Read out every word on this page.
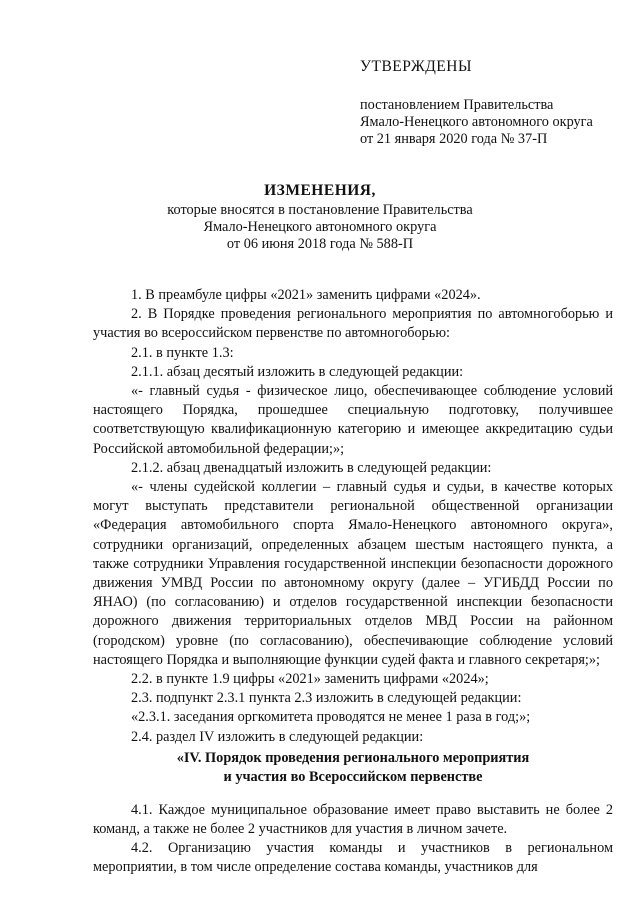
УТВЕРЖДЕНЫ
постановлением Правительства
Ямало-Ненецкого автономного округа
от 21 января 2020 года № 37-П
ИЗМЕНЕНИЯ,
которые вносятся в постановление Правительства
Ямало-Ненецкого автономного округа
от 06 июня 2018 года № 588-П
1. В преамбуле цифры «2021» заменить цифрами «2024».
2. В Порядке проведения регионального мероприятия по автомногоборью и участия во всероссийском первенстве по автомногоборью:
2.1. в пункте 1.3:
2.1.1. абзац десятый изложить в следующей редакции:
«- главный судья - физическое лицо, обеспечивающее соблюдение условий настоящего Порядка, прошедшее специальную подготовку, получившее соответствующую квалификационную категорию и имеющее аккредитацию судьи Российской автомобильной федерации;»;
2.1.2. абзац двенадцатый изложить в следующей редакции:
«- члены судейской коллегии – главный судья и судьи, в качестве которых могут выступать представители региональной общественной организации «Федерация автомобильного спорта Ямало-Ненецкого автономного округа», сотрудники организаций, определенных абзацем шестым настоящего пункта, а также сотрудники Управления государственной инспекции безопасности дорожного движения УМВД России по автономному округу (далее – УГИБДД России по ЯНАО) (по согласованию) и отделов государственной инспекции безопасности дорожного движения территориальных отделов МВД России на районном (городском) уровне (по согласованию), обеспечивающие соблюдение условий настоящего Порядка и выполняющие функции судей факта и главного секретаря;»;
2.2. в пункте 1.9 цифры «2021» заменить цифрами «2024»;
2.3. подпункт 2.3.1 пункта 2.3 изложить в следующей редакции:
«2.3.1. заседания оргкомитета проводятся не менее 1 раза в год;»;
2.4. раздел IV изложить в следующей редакции:
«IV. Порядок проведения регионального мероприятия
и участия во Всероссийском первенстве
4.1. Каждое муниципальное образование имеет право выставить не более 2 команд, а также не более 2 участников для участия в личном зачете.
4.2. Организацию участия команды и участников в региональном мероприятии, в том числе определение состава команды, участников для
